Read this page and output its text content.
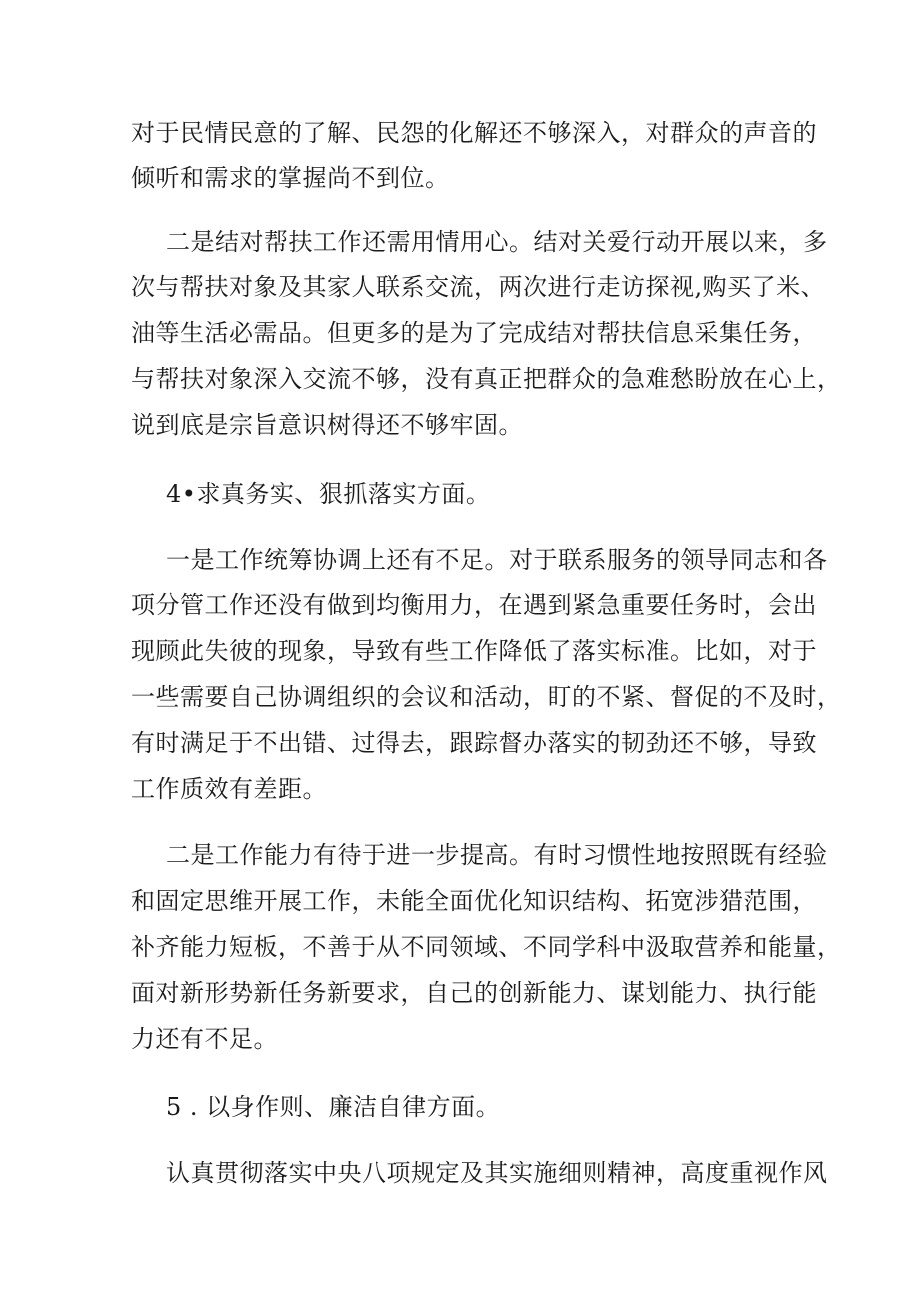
对于民情民意的了解、民怨的化解还不够深入，对群众的声音的
倾听和需求的掌握尚不到位。
二是结对帮扶工作还需用情用心。结对关爱行动开展以来，多
次与帮扶对象及其家人联系交流，两次进行走访探视,购买了米、
油等生活必需品。但更多的是为了完成结对帮扶信息采集任务，
与帮扶对象深入交流不够，没有真正把群众的急难愁盼放在心上，
说到底是宗旨意识树得还不够牢固。
4•求真务实、狠抓落实方面。
一是工作统筹协调上还有不足。对于联系服务的领导同志和各
项分管工作还没有做到均衡用力，在遇到紧急重要任务时，会出
现顾此失彼的现象，导致有些工作降低了落实标准。比如，对于
一些需要自己协调组织的会议和活动，盯的不紧、督促的不及时，
有时满足于不出错、过得去，跟踪督办落实的韧劲还不够，导致
工作质效有差距。
二是工作能力有待于进一步提高。有时习惯性地按照既有经验
和固定思维开展工作，未能全面优化知识结构、拓宽涉猎范围，
补齐能力短板，不善于从不同领域、不同学科中汲取营养和能量，
面对新形势新任务新要求，自己的创新能力、谋划能力、执行能
力还有不足。
5 . 以身作则、廉洁自律方面。
认真贯彻落实中央八项规定及其实施细则精神，高度重视作风
